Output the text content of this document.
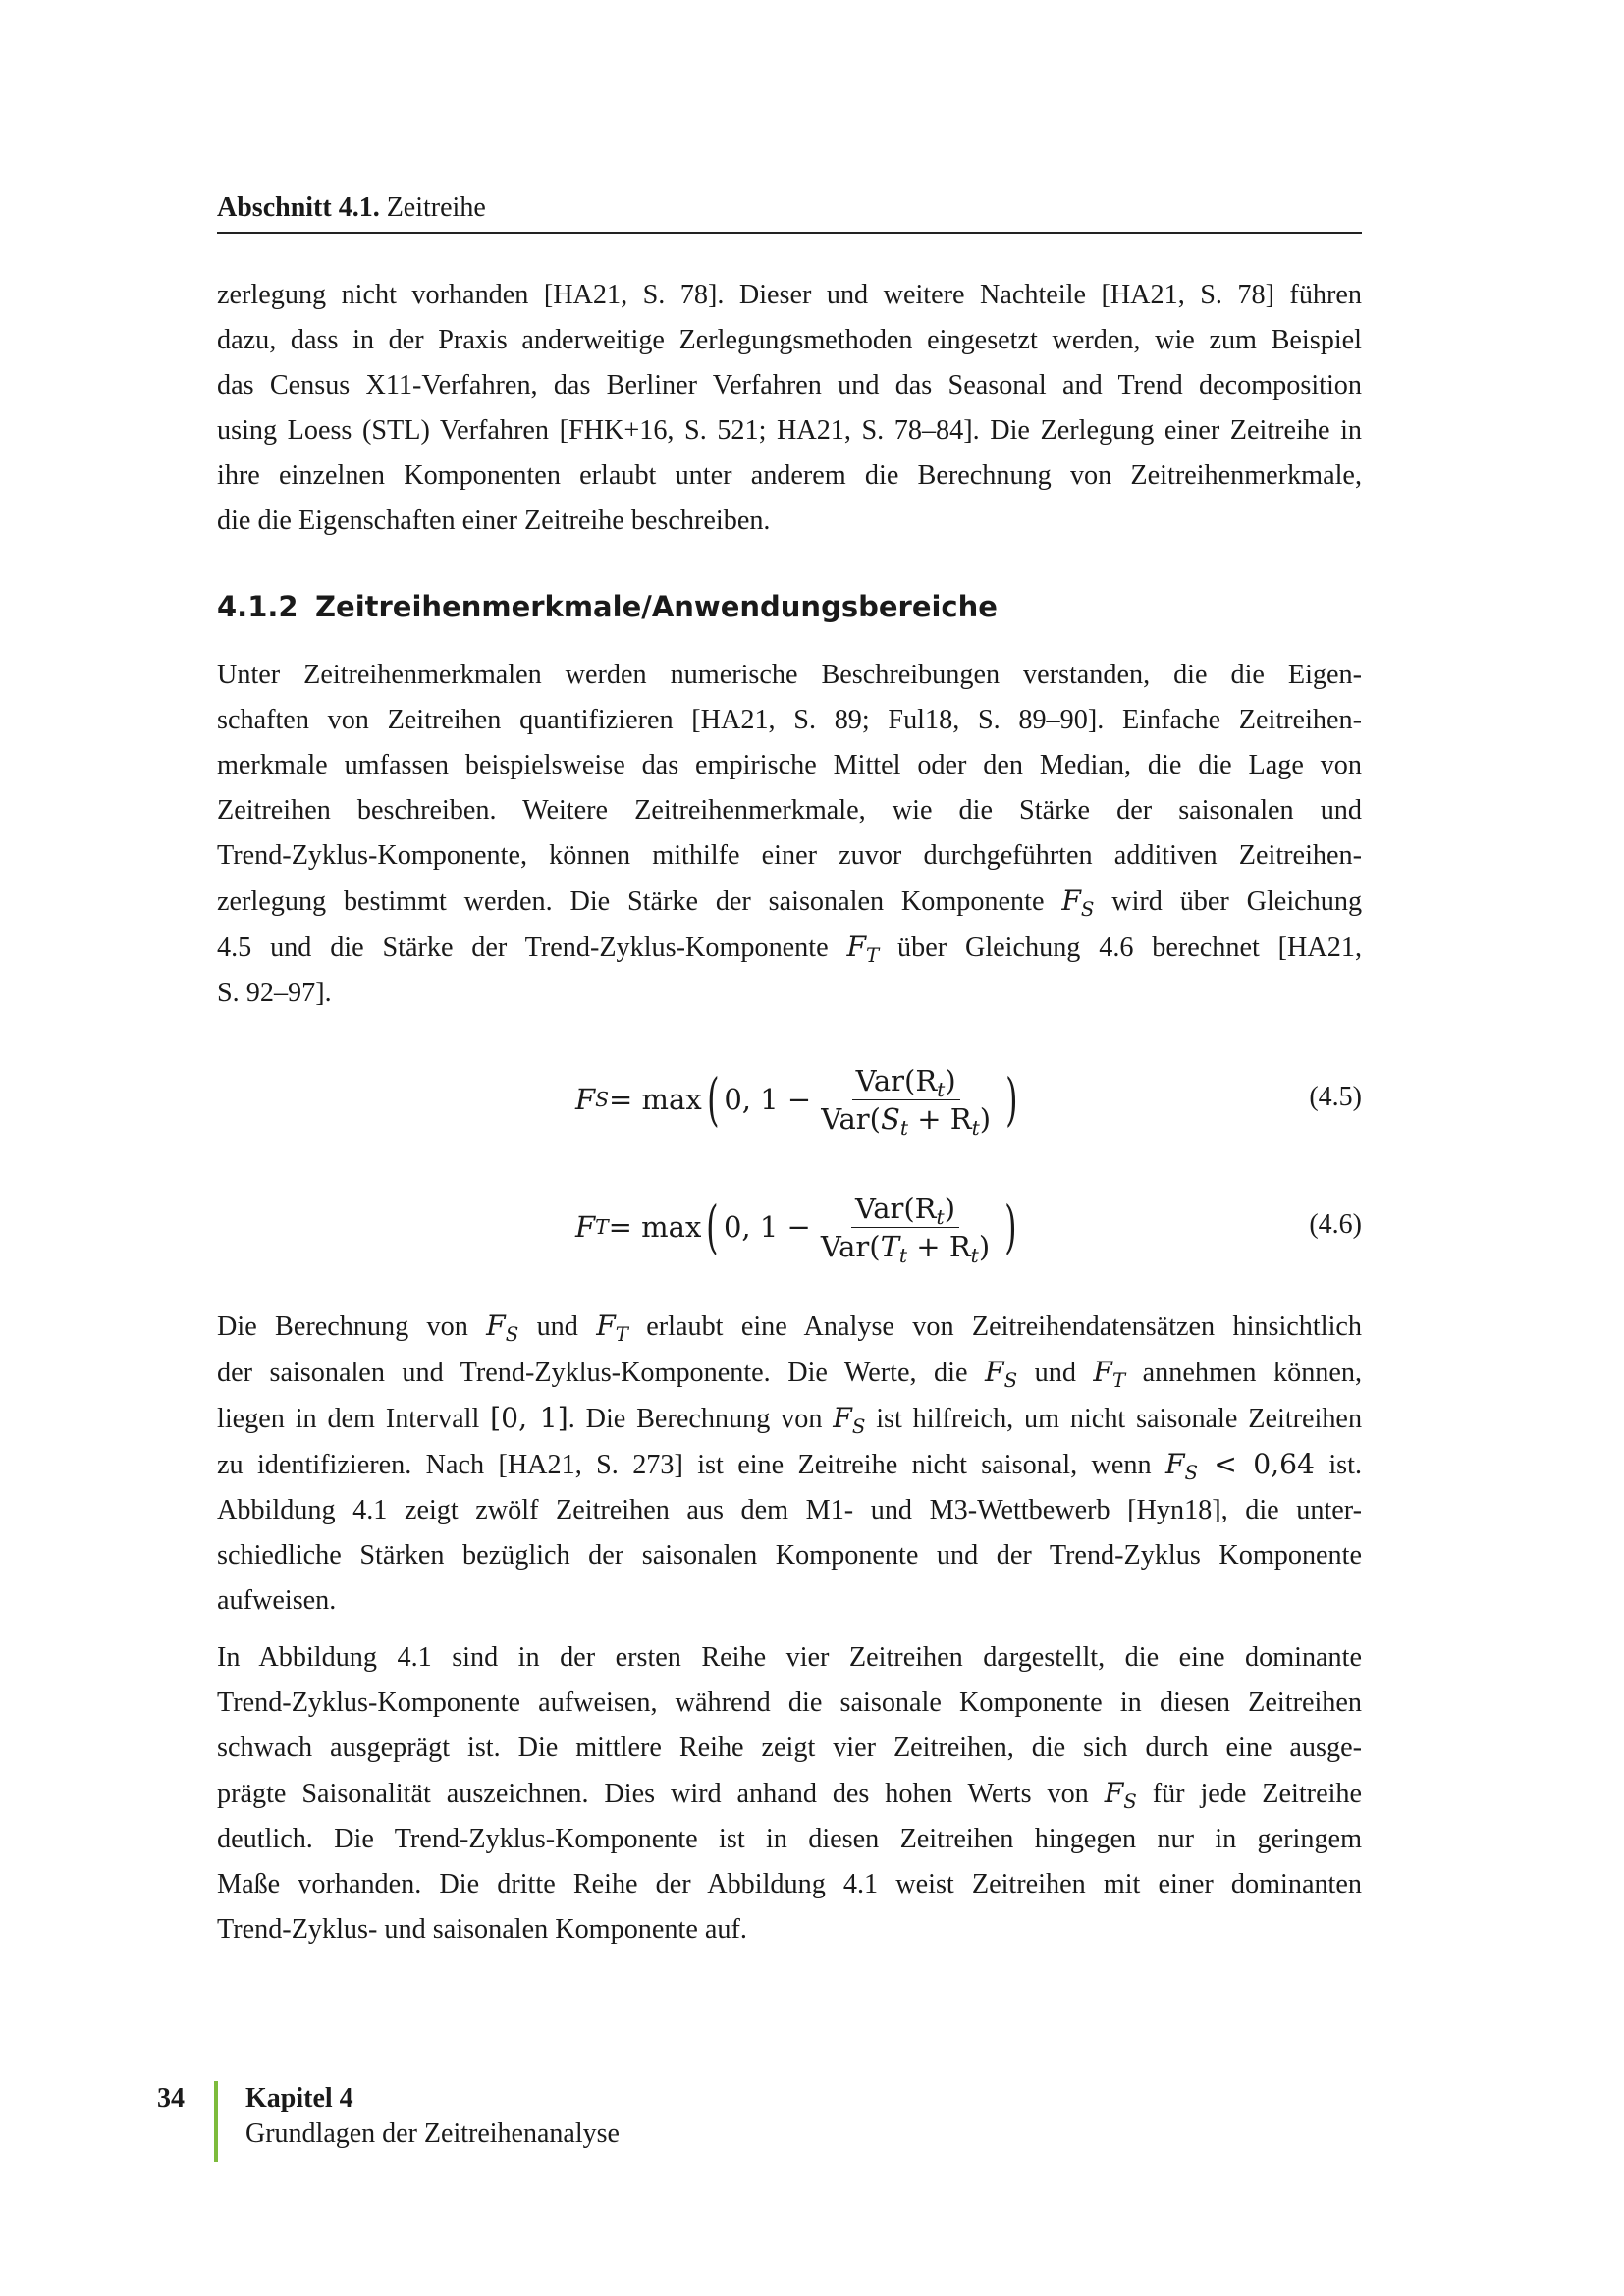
Abschnitt 4.1. Zeitreihe
zerlegung nicht vorhanden [HA21, S. 78]. Dieser und weitere Nachteile [HA21, S. 78] führen
dazu, dass in der Praxis anderweitige Zerlegungsmethoden eingesetzt werden, wie zum Beispiel
das Census X11-Verfahren, das Berliner Verfahren und das Seasonal and Trend decomposition
using Loess (STL) Verfahren [FHK+16, S. 521; HA21, S. 78–84]. Die Zerlegung einer Zeitreihe in
ihre einzelnen Komponenten erlaubt unter anderem die Berechnung von Zeitreihenmerkmale,
die die Eigenschaften einer Zeitreihe beschreiben.
4.1.2 Zeitreihenmerkmale/Anwendungsbereiche
Unter Zeitreihenmerkmalen werden numerische Beschreibungen verstanden, die die Eigen-
schaften von Zeitreihen quantifizieren [HA21, S. 89; Ful18, S. 89–90]. Einfache Zeitreihen-
merkmale umfassen beispielsweise das empirische Mittel oder den Median, die die Lage von
Zeitreihen beschreiben. Weitere Zeitreihenmerkmale, wie die Stärke der saisonalen und
Trend-Zyklus-Komponente, können mithilfe einer zuvor durchgeführten additiven Zeitreihen-
zerlegung bestimmt werden. Die Stärke der saisonalen Komponente $F_S$ wird über Gleichung
4.5 und die Stärke der Trend-Zyklus-Komponente $F_T$ über Gleichung 4.6 berechnet [HA21,
S. 92–97].
F S = max ( 0, $1 - \frac{Var(R_t)}{Var(S_t + R_t)}$ )	(4.5)
F T = max ( 0, $1 - \frac{Var(R_t)}{Var(T_t + R_t)}$ )	(4.6)
Die Berechnung von $F_S$ und $F_T$ erlaubt eine Analyse von Zeitreihendatensätzen hinsichtlich
der saisonalen und Trend-Zyklus-Komponente. Die Werte, die $F_S$ und $F_T$ annehmen können,
liegen in dem Intervall [0, 1]. Die Berechnung von $F_S$ ist hilfreich, um nicht saisonale Zeitreihen
zu identifizieren. Nach [HA21, S. 273] ist eine Zeitreihe nicht saisonal, wenn $F_S < 0,64$ ist.
Abbildung 4.1 zeigt zwölf Zeitreihen aus dem M1- und M3-Wettbewerb [Hyn18], die unter-
schiedliche Stärken bezüglich der saisonalen Komponente und der Trend-Zyklus Komponente
aufweisen.
In Abbildung 4.1 sind in der ersten Reihe vier Zeitreihen dargestellt, die eine dominante
Trend-Zyklus-Komponente aufweisen, während die saisonale Komponente in diesen Zeitreihen
schwach ausgeprägt ist. Die mittlere Reihe zeigt vier Zeitreihen, die sich durch eine ausge-
prägte Saisonalität auszeichnen. Dies wird anhand des hohen Werts von $F_S$ für jede Zeitreihe
deutlich. Die Trend-Zyklus-Komponente ist in diesen Zeitreihen hingegen nur in geringem
Maße vorhanden. Die dritte Reihe der Abbildung 4.1 weist Zeitreihen mit einer dominanten
Trend-Zyklus- und saisonalen Komponente auf.
34 Kapitel 4
Grundlagen der Zeitreihenanalyse
